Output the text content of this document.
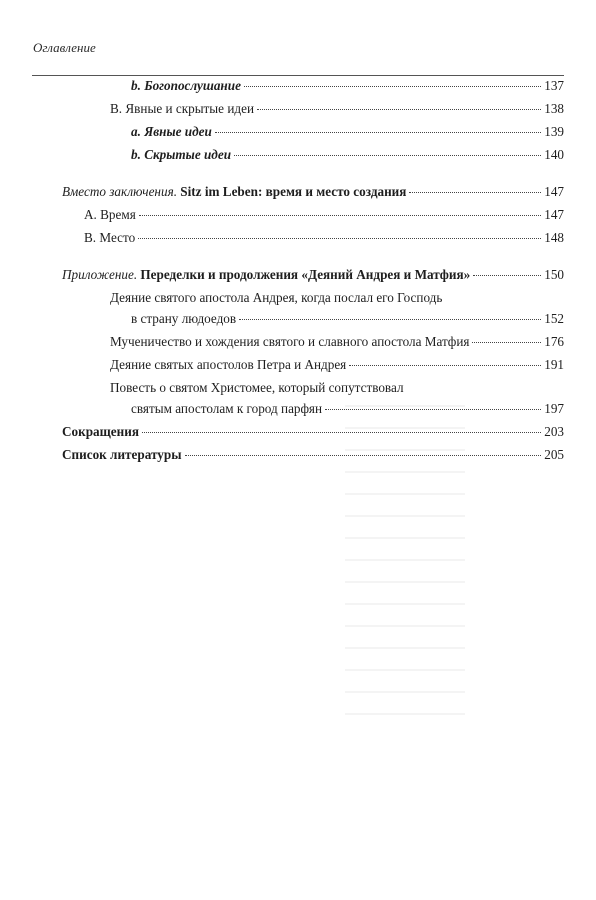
Оглавление
b. Богопослушание	137
B. Явные и скрытые идеи	138
a. Явные идеи	139
b. Скрытые идеи	140
Вместо заключения. Sitz im Leben: время и место создания	147
A. Время	147
B. Место	148
Приложение. Переделки и продолжения «Деяний Андрея и Матфия»	150
Деяние святого апостола Андрея, когда послал его Господь
в страну людоедов	152
Мученичество и хождения святого и славного апостола Матфия	176
Деяние святых апостолов Петра и Андрея	191
Повесть о святом Христомее, который сопутствовал
святым апостолам к город парфян	197
Сокращения	203
Список литературы	205
